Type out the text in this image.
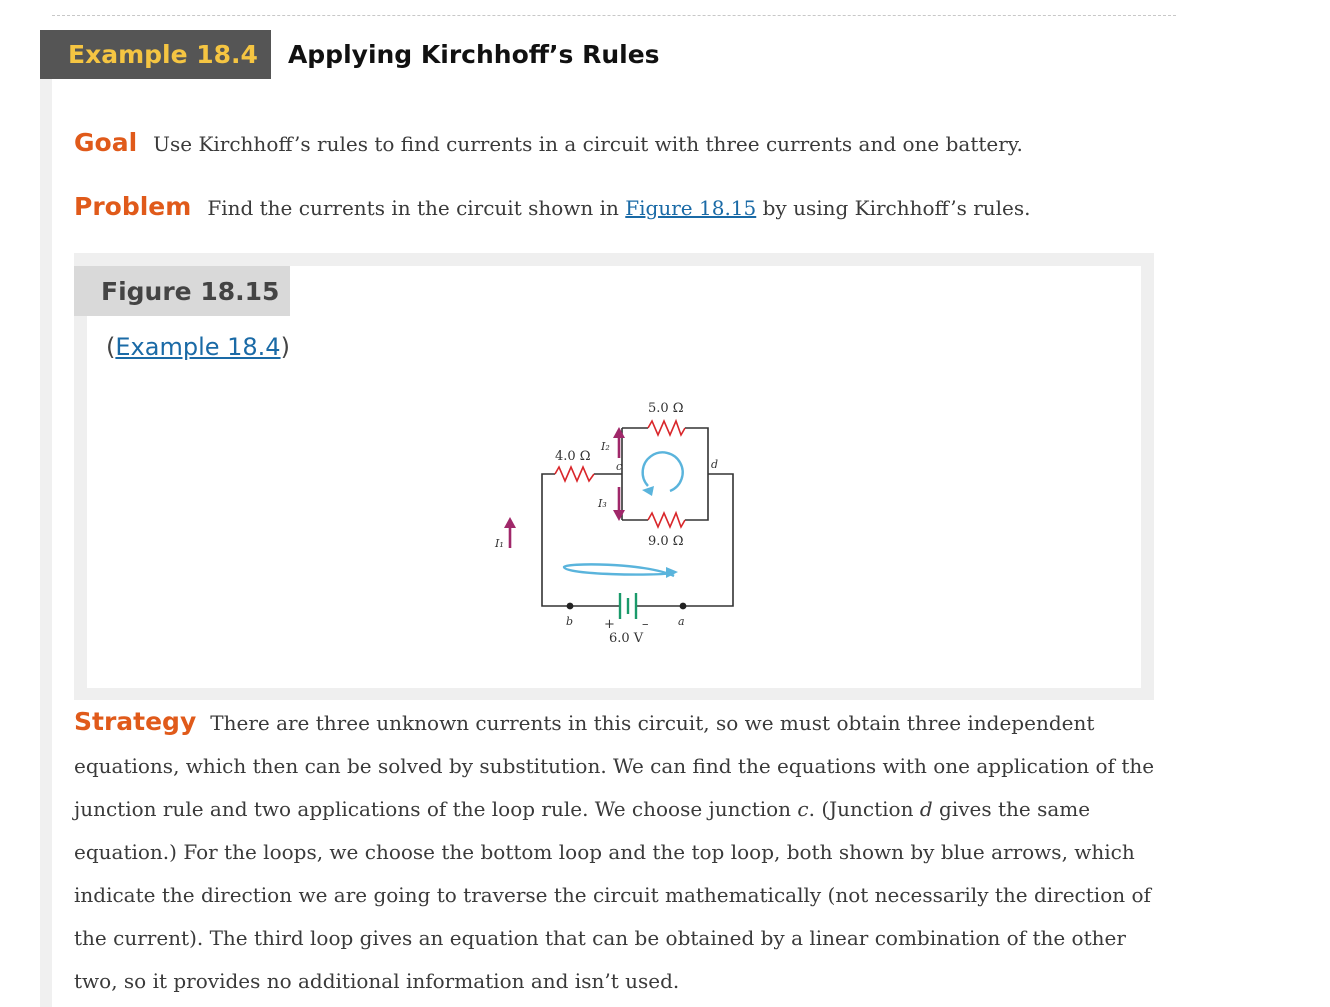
Example 18.4	Applying Kirchhoff’s Rules
Goal Use Kirchhoff’s rules to find currents in a circuit with three currents and one battery.
Problem Find the currents in the circuit shown in Figure 18.15 by using Kirchhoff’s rules.
Figure 18.15
(Example 18.4)
5.0 Ω
4.0 Ω
9.0 Ω
6.0 V
+ –
I₁
I₂
I₃
c	d
b	a
Strategy There are three unknown currents in this circuit, so we must obtain three independent equations, which then can be solved by substitution. We can find the equations with one application of the junction rule and two applications of the loop rule. We choose junction c. (Junction d gives the same equation.) For the loops, we choose the bottom loop and the top loop, both shown by blue arrows, which indicate the direction we are going to traverse the circuit mathematically (not necessarily the direction of the current). The third loop gives an equation that can be obtained by a linear combination of the other two, so it provides no additional information and isn’t used.
